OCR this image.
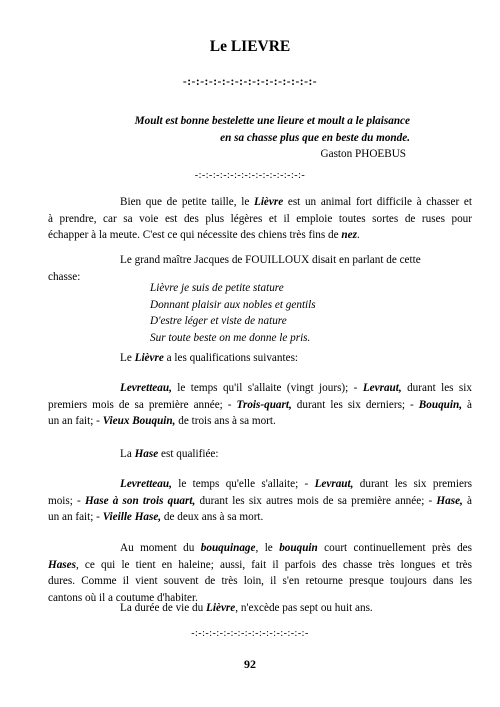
Le LIEVRE
-:-:-:-:-:-:-:-:-:-:-:-:-:-:-:-
Moult est bonne bestelette une lieure et moult a le plaisance
en sa chasse plus que en beste du monde.
Gaston PHOEBUS
-:-:-:-:-:-:-:-:-:-:-:-:-:-:-:-
Bien que de petite taille, le Lièvre est un animal fort difficile à chasser et
à prendre, car sa voie est des plus légères et il emploie toutes sortes de ruses pour
échapper à la meute. C'est ce qui nécessite des chiens très fins de nez.
Le grand maître Jacques de FOUILLOUX disait en parlant de cette
chasse:
Lièvre je suis de petite stature
Donnant plaisir aux nobles et gentils
D'estre léger et viste de nature
Sur toute beste on me donne le pris.
Le Lièvre a les qualifications suivantes:
Levretteau, le temps qu'il s'allaite (vingt jours); - Levraut, durant les six
premiers mois de sa première année; - Trois-quart, durant les six derniers; - Bouquin, à
un an fait; - Vieux Bouquin, de trois ans à sa mort.
La Hase est qualifiée:
Levretteau, le temps qu'elle s'allaite; - Levraut, durant les six premiers
mois; - Hase à son trois quart, durant les six autres mois de sa première année; - Hase, à
un an fait; - Vieille Hase, de deux ans à sa mort.
Au moment du bouquinage, le bouquin court continuellement près des
Hases, ce qui le tient en haleine; aussi, fait il parfois des chasse très longues et très
dures. Comme il vient souvent de très loin, il s'en retourne presque toujours dans les
cantons où il a coutume d'habiter.
La durée de vie du Lièvre, n'excède pas sept ou huit ans.
-:-:-:-:-:-:-:-:-:-:-:-:-:-:-:-:-
92
